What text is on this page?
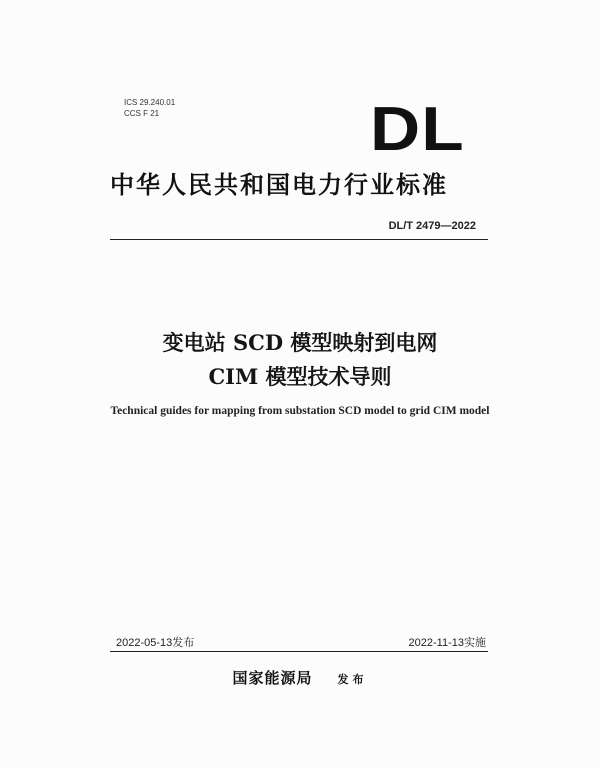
ICS 29.240.01
CCS F 21	DL
中华人民共和国电力行业标准
DL/T 2479—2022
变电站 SCD 模型映射到电网
CIM 模型技术导则
Technical guides for mapping from substation SCD model to grid CIM model
2022-05-13发布	2022-11-13实施
国家能源局 发布
